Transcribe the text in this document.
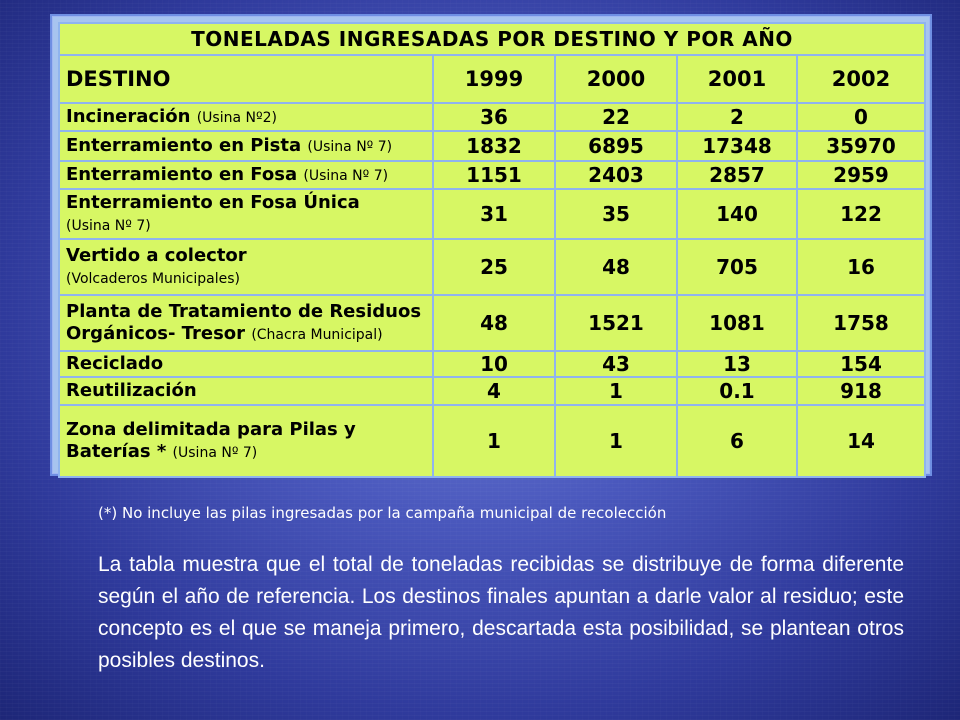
TONELADAS INGRESADAS POR DESTINO Y POR AÑO				
DESTINO	1999	2000	2001	2002
Incineración (Usina Nº2)	36	22	2	0
Enterramiento en Pista (Usina Nº 7)	1832	6895	17348	35970
Enterramiento en Fosa (Usina Nº 7)	1151	2403	2857	2959
Enterramiento en Fosa Única
(Usina Nº 7)	31	35	140	122
Vertido a colector
(Volcaderos Municipales)	25	48	705	16
Planta de Tratamiento de Residuos Orgánicos- Tresor (Chacra Municipal)	48	1521	1081	1758
Reciclado	10	43	13	154
Reutilización	4	1	0.1	918
Zona delimitada para Pilas y Baterías * (Usina Nº 7)	1	1	6	14
(*) No incluye las pilas ingresadas por la campaña municipal de recolección
La tabla muestra que el total de toneladas recibidas se distribuye de forma diferente según el año de referencia. Los destinos finales apuntan a darle valor al residuo; este concepto es el que se maneja primero, descartada esta posibilidad, se plantean otros posibles destinos.
